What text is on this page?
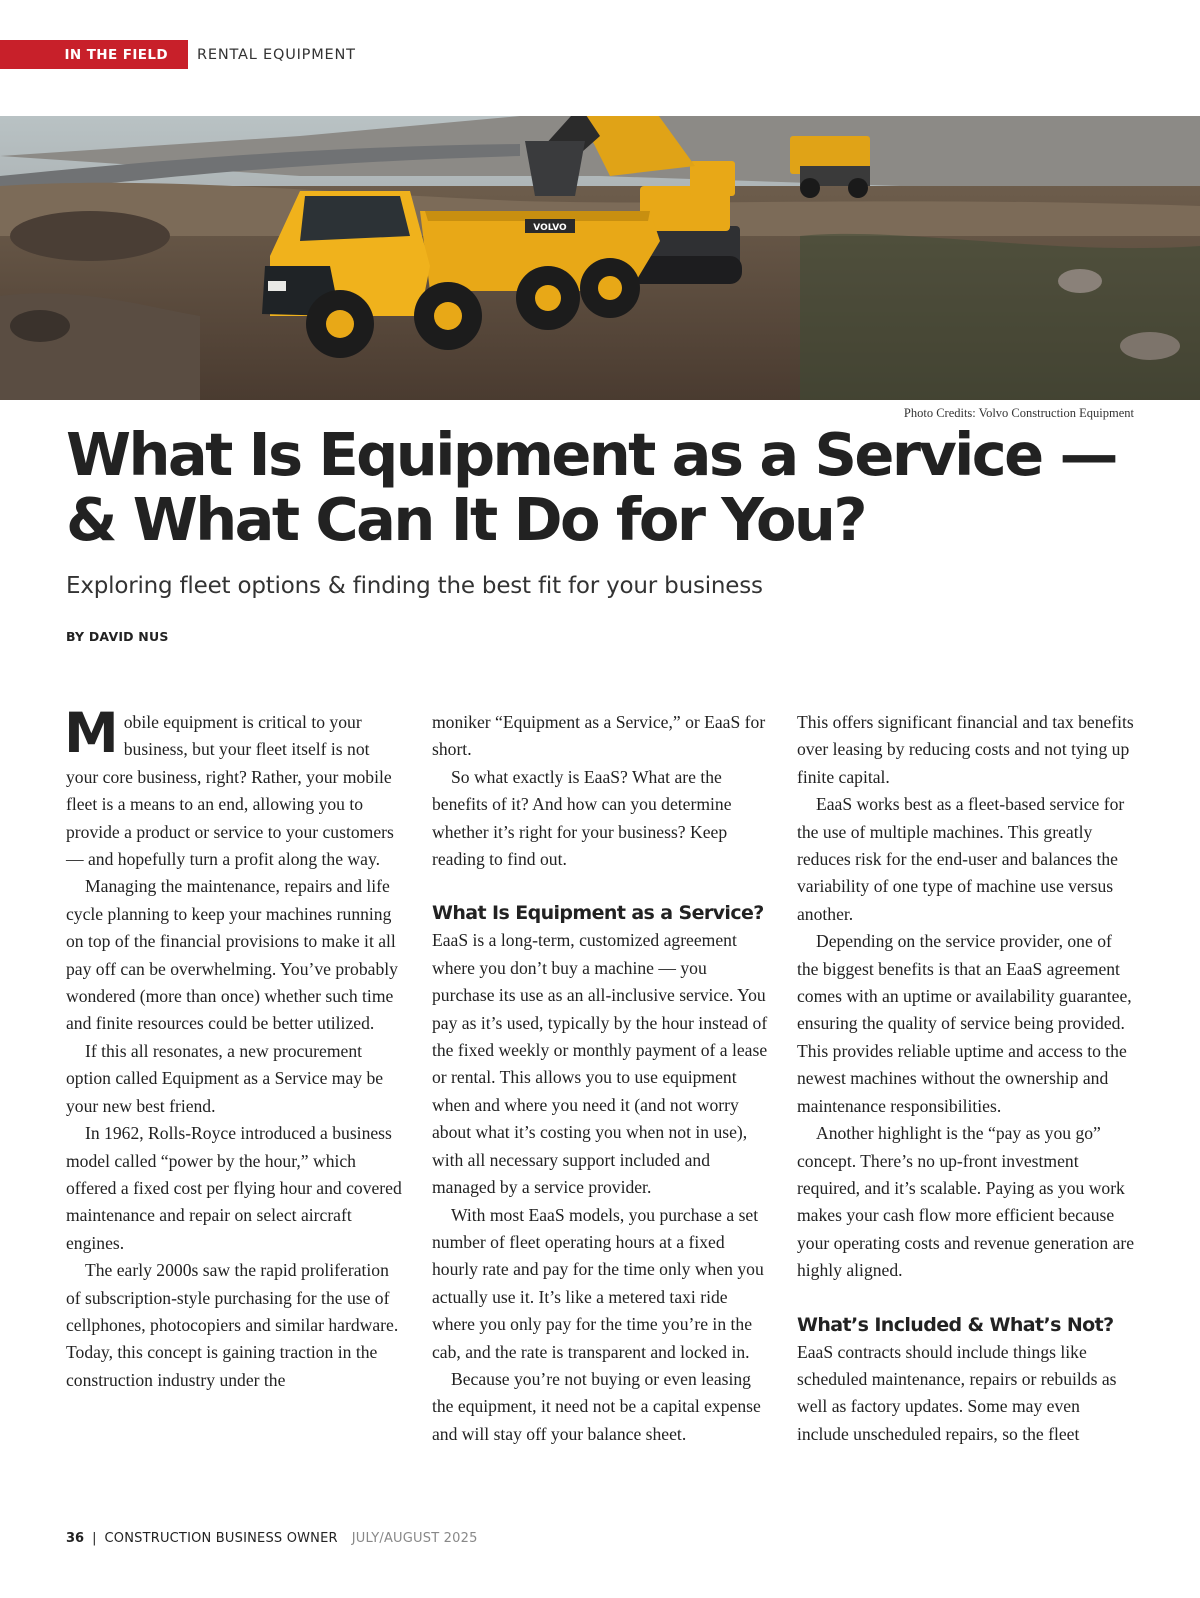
IN THE FIELD	RENTAL EQUIPMENT
VOLVO
Photo Credits: Volvo Construction Equipment
What Is Equipment as a Service —
& What Can It Do for You?
Exploring fleet options & finding the best fit for your business
BY DAVID NUS

Mobile equipment is critical to your business, but your fleet itself is not your core business, right? Rather, your mobile fleet is a means to an end, allowing you to provide a product or service to your customers — and hopefully turn a profit along the way.

Managing the maintenance, repairs and life cycle planning to keep your machines running on top of the financial provisions to make it all pay off can be overwhelming. You’ve probably wondered (more than once) whether such time and finite resources could be better utilized.

If this all resonates, a new procurement option called Equipment as a Service may be your new best friend.

In 1962, Rolls-Royce introduced a business model called “power by the hour,” which offered a fixed cost per flying hour and covered maintenance and repair on select aircraft engines.

The early 2000s saw the rapid proliferation of subscription-style purchasing for the use of cellphones, photocopiers and similar hardware. Today, this concept is gaining traction in the construction industry under the

moniker “Equipment as a Service,” or EaaS for short.

So what exactly is EaaS? What are the benefits of it? And how can you determine whether it’s right for your business? Keep reading to find out.

What Is Equipment as a Service?

EaaS is a long-term, customized agreement where you don’t buy a machine — you purchase its use as an all-inclusive service. You pay as it’s used, typically by the hour instead of the fixed weekly or monthly payment of a lease or rental. This allows you to use equipment when and where you need it (and not worry about what it’s costing you when not in use), with all necessary support included and managed by a service provider.

With most EaaS models, you purchase a set number of fleet operating hours at a fixed hourly rate and pay for the time only when you actually use it. It’s like a metered taxi ride where you only pay for the time you’re in the cab, and the rate is transparent and locked in.

Because you’re not buying or even leasing the equipment, it need not be a capital expense and will stay off your balance sheet.

This offers significant financial and tax benefits over leasing by reducing costs and not tying up finite capital.

EaaS works best as a fleet-based service for the use of multiple machines. This greatly reduces risk for the end-user and balances the variability of one type of machine use versus another.

Depending on the service provider, one of the biggest benefits is that an EaaS agreement comes with an uptime or availability guarantee, ensuring the quality of service being provided. This provides reliable uptime and access to the newest machines without the ownership and maintenance responsibilities.

Another highlight is the “pay as you go” concept. There’s no up-front investment required, and it’s scalable. Paying as you work makes your cash flow more efficient because your operating costs and revenue generation are highly aligned.

What’s Included & What’s Not?

EaaS contracts should include things like scheduled maintenance, repairs or rebuilds as well as factory updates. Some may even include unscheduled repairs, so the fleet

36 | CONSTRUCTION BUSINESS OWNER JULY/AUGUST 2025
